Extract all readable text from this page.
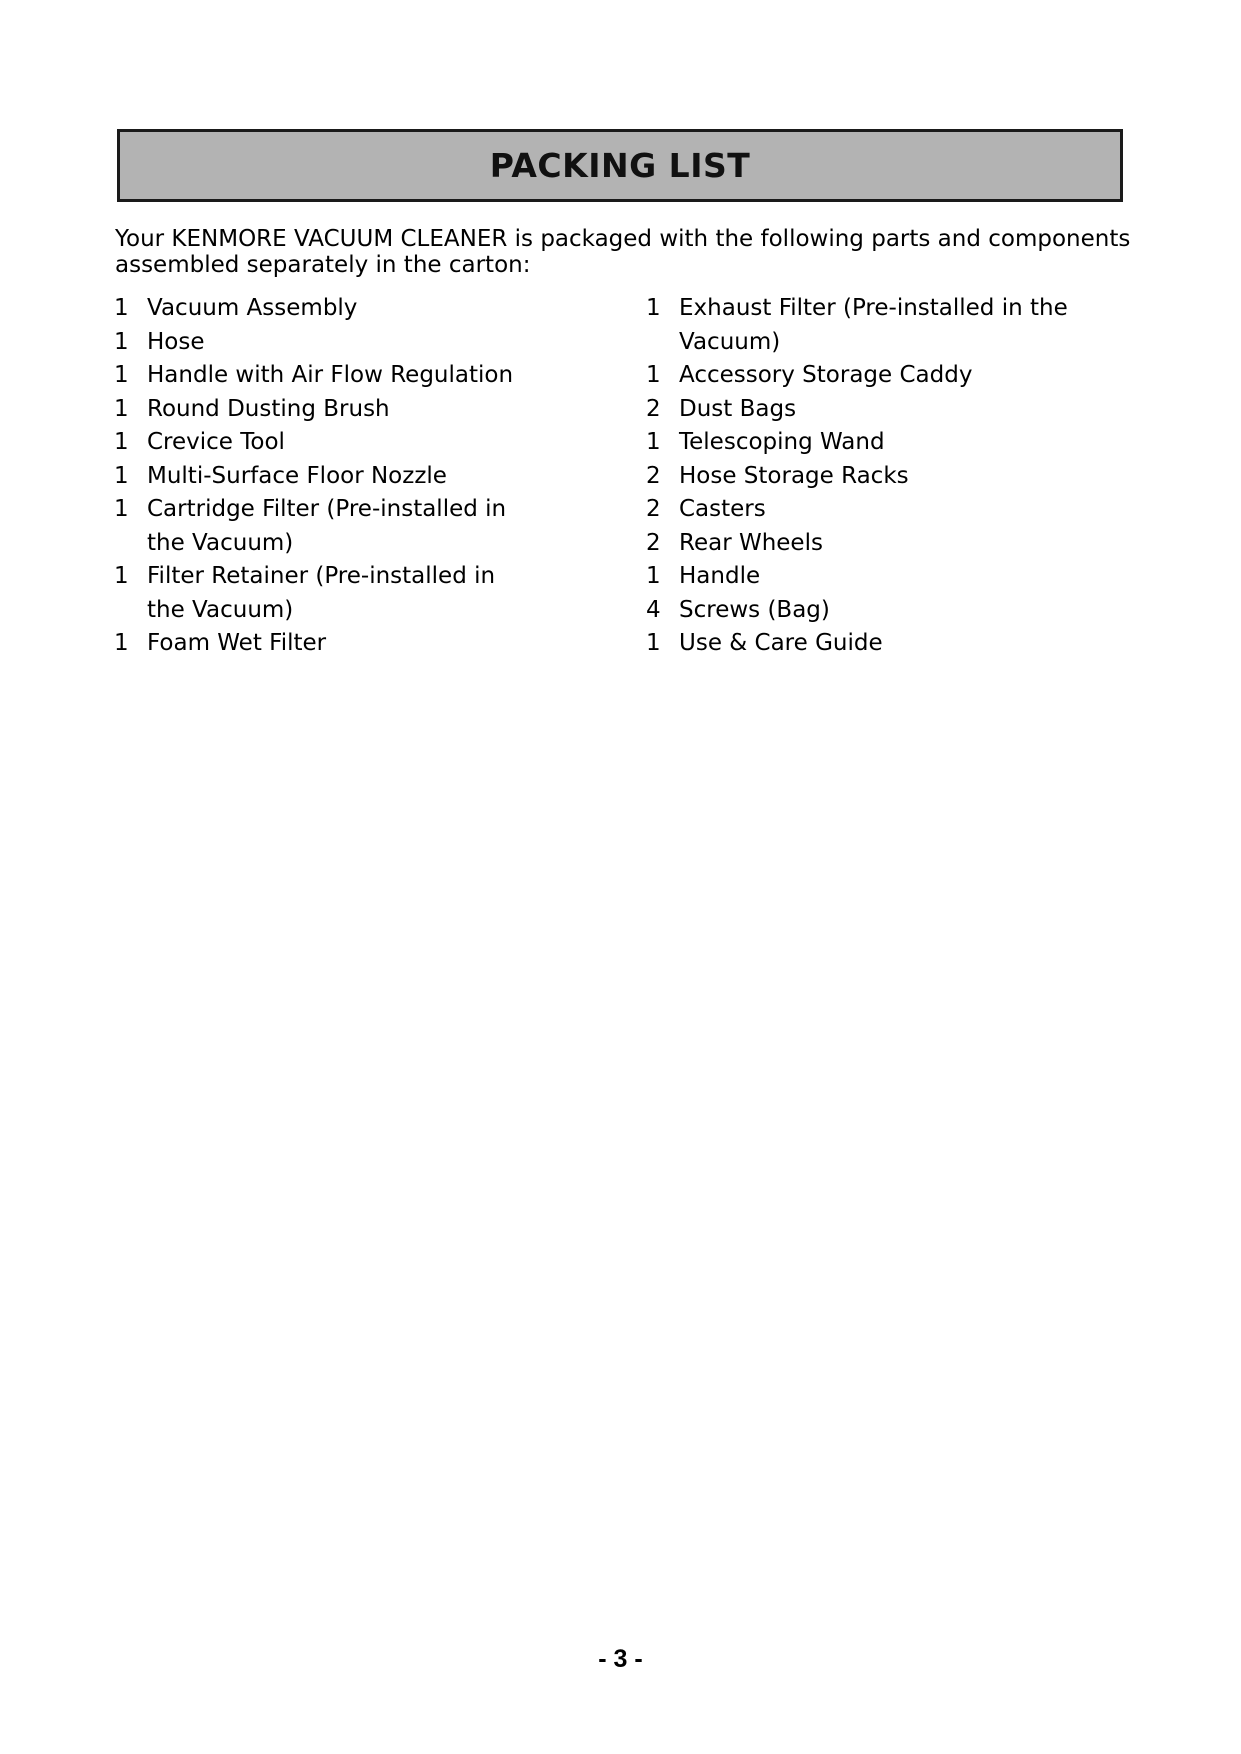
PACKING LIST

Your KENMORE VACUUM CLEANER is packaged with the following parts and components assembled separately in the carton:

1 Vacuum Assembly
1 Hose
1 Handle with Air Flow Regulation
1 Round Dusting Brush
1 Crevice Tool
1 Multi-Surface Floor Nozzle
1 Cartridge Filter (Pre-installed in the Vacuum)
1 Filter Retainer (Pre-installed in the Vacuum)
1 Foam Wet Filter
1 Exhaust Filter (Pre-installed in the Vacuum)
1 Accessory Storage Caddy
2 Dust Bags
1 Telescoping Wand
2 Hose Storage Racks
2 Casters
2 Rear Wheels
1 Handle
4 Screws (Bag)
1 Use & Care Guide

- 3 -
